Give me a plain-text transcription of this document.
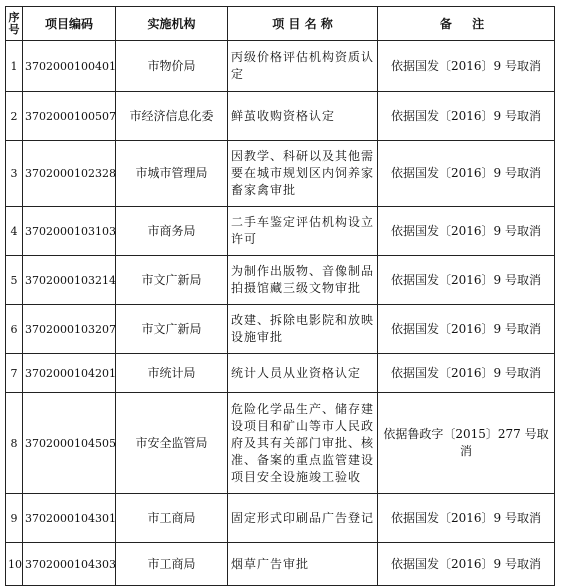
序号	项目编码	实施机构	项 目 名 称	备 注
1	3702000100401	市物价局	丙级价格评估机构资质认定	依据国发〔2016〕9 号取消
2	3702000100507	市经济信息化委	鲜茧收购资格认定	依据国发〔2016〕9 号取消
3	3702000102328	市城市管理局	因教学、科研以及其他需要在城市规划区内饲养家畜家禽审批	依据国发〔2016〕9 号取消
4	3702000103103	市商务局	二手车鉴定评估机构设立许可	依据国发〔2016〕9 号取消
5	3702000103214	市文广新局	为制作出版物、音像制品拍摄馆藏三级文物审批	依据国发〔2016〕9 号取消
6	3702000103207	市文广新局	改建、拆除电影院和放映设施审批	依据国发〔2016〕9 号取消
7	3702000104201	市统计局	统计人员从业资格认定	依据国发〔2016〕9 号取消
8	3702000104505	市安全监管局	危险化学品生产、储存建设项目和矿山等市人民政府及其有关部门审批、核准、备案的重点监管建设项目安全设施竣工验收	依据鲁政字〔2015〕277 号取消
9	3702000104301	市工商局	固定形式印刷品广告登记	依据国发〔2016〕9 号取消
10	3702000104303	市工商局	烟草广告审批	依据国发〔2016〕9 号取消
